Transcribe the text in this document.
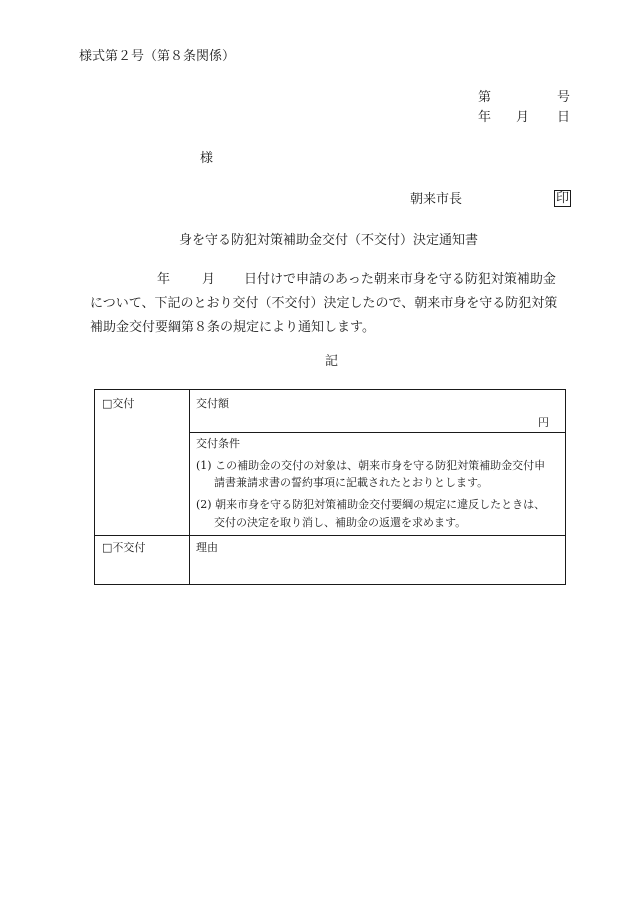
様式第２号（第８条関係）
第	号
年 月 日
様
朝来市長	印
身を守る防犯対策補助金交付（不交付）決定通知書
年 月 日付けで申請のあった朝来市身を守る防犯対策補助金
について、下記のとおり交付（不交付）決定したので、朝来市身を守る防犯対策
補助金交付要綱第８条の規定により通知します。
記
□交付	交付額
円
交付条件
(1) この補助金の交付の対象は、朝来市身を守る防犯対策補助金交付申
請書兼請求書の誓約事項に記載されたとおりとします。
(2) 朝来市身を守る防犯対策補助金交付要綱の規定に違反したときは、
交付の決定を取り消し、補助金の返還を求めます。
□不交付	理由
